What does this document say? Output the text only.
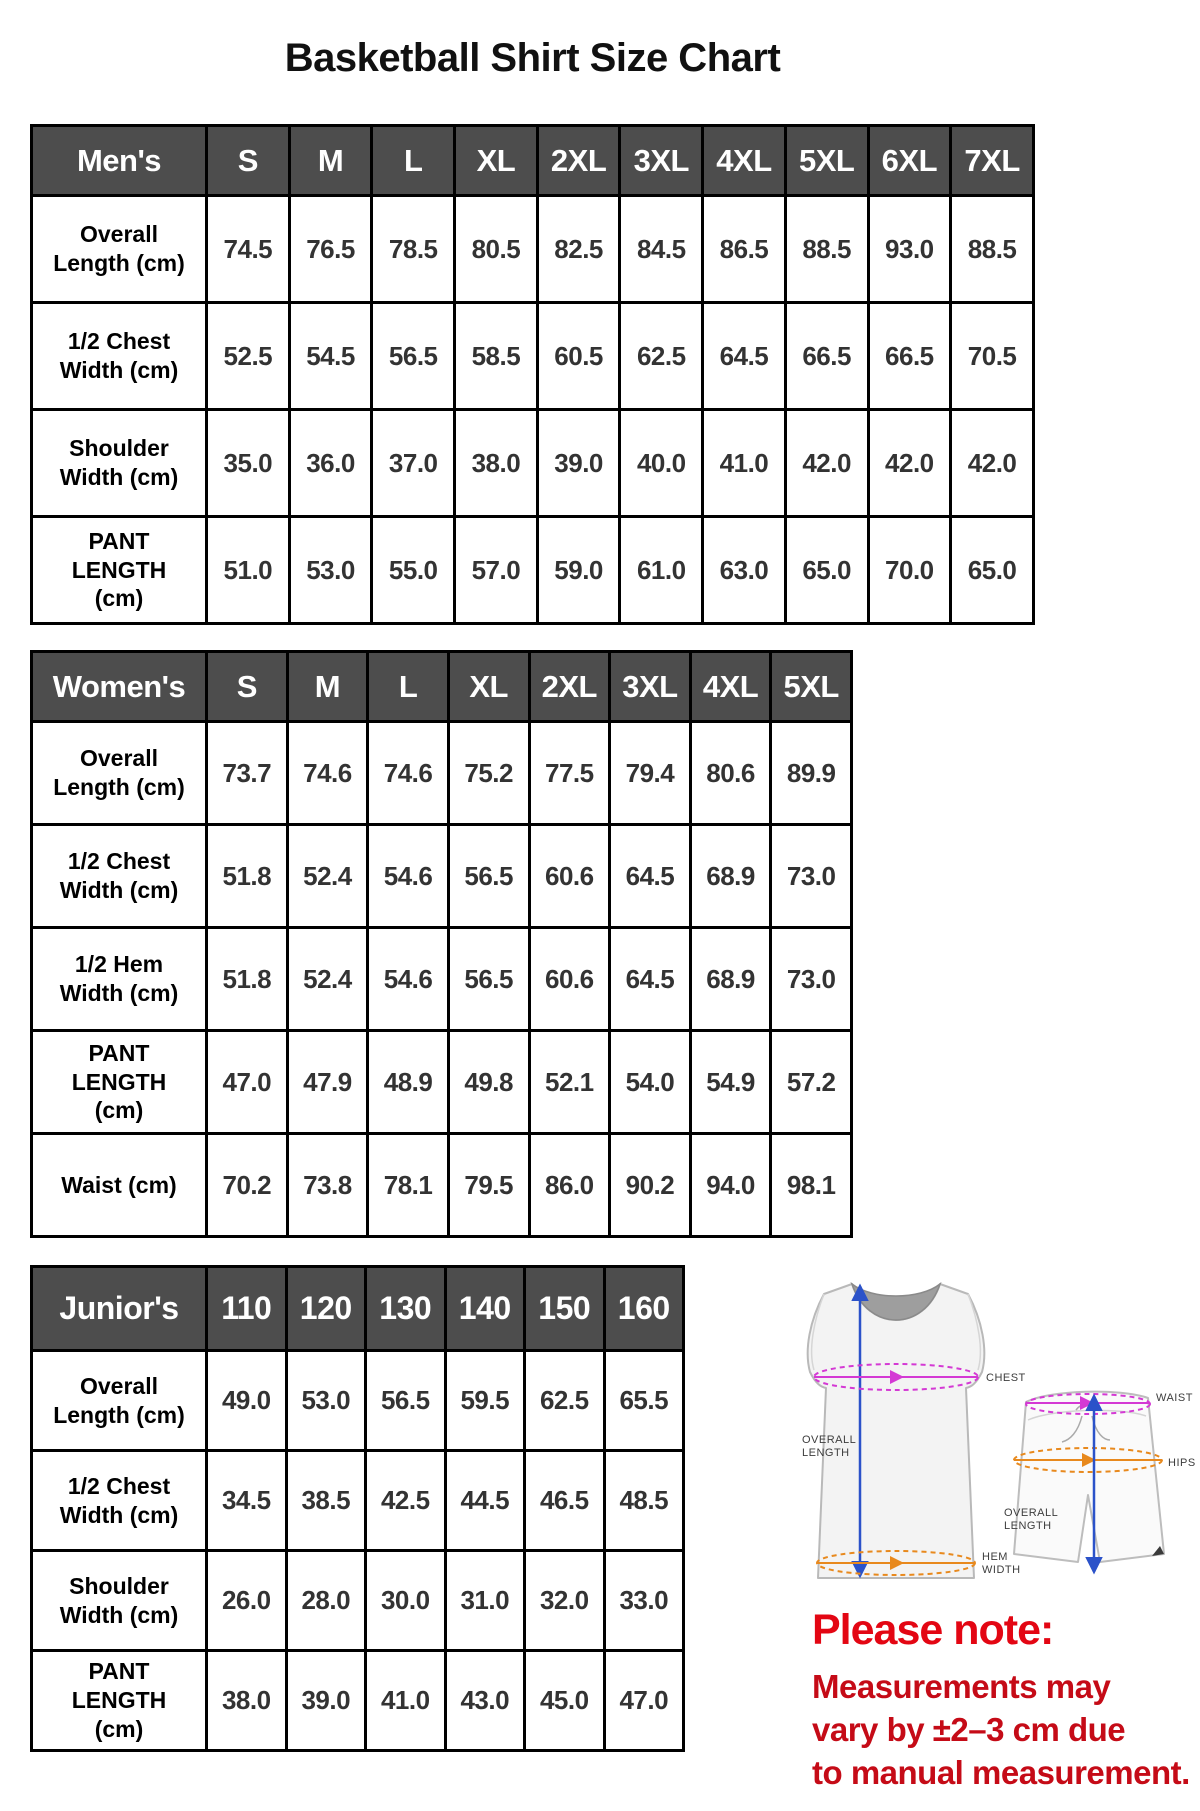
Basketball Shirt Size Chart
Men's	S	M	L	XL	2XL	3XL	4XL	5XL	6XL	7XL
Overall Length (cm)	74.5	76.5	78.5	80.5	82.5	84.5	86.5	88.5	93.0	88.5
1/2 Chest Width (cm)	52.5	54.5	56.5	58.5	60.5	62.5	64.5	66.5	66.5	70.5
Shoulder Width (cm)	35.0	36.0	37.0	38.0	39.0	40.0	41.0	42.0	42.0	42.0
PANT LENGTH (cm)	51.0	53.0	55.0	57.0	59.0	61.0	63.0	65.0	70.0	65.0
Women's	S	M	L	XL	2XL	3XL	4XL	5XL
Overall Length (cm)	73.7	74.6	74.6	75.2	77.5	79.4	80.6	89.9
1/2 Chest Width (cm)	51.8	52.4	54.6	56.5	60.6	64.5	68.9	73.0
1/2 Hem Width (cm)	51.8	52.4	54.6	56.5	60.6	64.5	68.9	73.0
PANT LENGTH (cm)	47.0	47.9	48.9	49.8	52.1	54.0	54.9	57.2
Waist (cm)	70.2	73.8	78.1	79.5	86.0	90.2	94.0	98.1
Junior's	110	120	130	140	150	160
Overall Length (cm)	49.0	53.0	56.5	59.5	62.5	65.5
1/2 Chest Width (cm)	34.5	38.5	42.5	44.5	46.5	48.5
Shoulder Width (cm)	26.0	28.0	30.0	31.0	32.0	33.0
PANT LENGTH (cm)	38.0	39.0	41.0	43.0	45.0	47.0
CHEST
OVERALL
LENGTH
HEM
WIDTH
WAIST
HIPS
OVERALL
LENGTH
Please note:
Measurements may
vary by ±2–3 cm due
to manual measurement.
